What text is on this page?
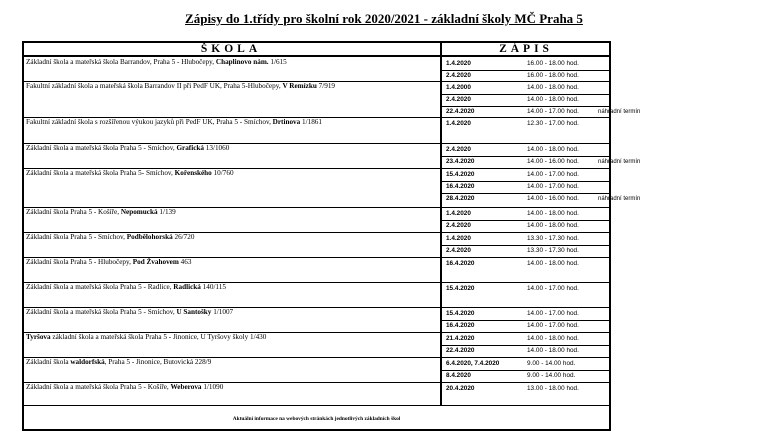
Zápisy do 1.třídy pro školní rok 2020/2021 - základní školy MČ Praha 5
ŠKOLA	ZÁPIS
Základní škola a mateřská škola Barrandov, Praha 5 - Hlubočepy, Chaplinovo nám. 1/615	1.4.2020	16.00 - 18.00 hod.
2.4.2020	16.00 - 18.00 hod.
Fakultní základní škola a mateřská škola Barrandov II při PedF UK, Praha 5-Hlubočepy, V Remízku 7/919	1.4.2000	14.00 - 18.00 hod.
2.4.2020	14.00 - 18.00 hod.
22.4.2020	14.00 - 17.00 hod.	náhradní termín
Fakultní základní škola s rozšířenou výukou jazyků při PedF UK, Praha 5 - Smíchov, Drtinova 1/1861	1.4.2020	12.30 - 17.00 hod.
Základní škola a mateřská škola Praha 5 - Smíchov, Grafická 13/1060	2.4.2020	14.00 - 18.00 hod.
23.4.2020	14.00 - 16.00 hod.	náhradní termín
Základní škola a mateřská škola Praha 5- Smíchov, Kořenského 10/760	15.4.2020	14.00 - 17.00 hod.
16.4.2020	14.00 - 17.00 hod.
28.4.2020	14.00 - 16.00 hod.	náhradní termín
Základní škola Praha 5 - Košíře, Nepomucká 1/139	1.4.2020	14.00 - 18.00 hod.
2.4.2020	14.00 - 18.00 hod.
Základní škola Praha 5 - Smíchov, Podbělohorská 26/720	1.4.2020	13.30 - 17.30 hod.
2.4.2020	13.30 - 17.30 hod.
Základní škola Praha 5 - Hlubočepy, Pod Žvahovem 463	16.4.2020	14.00 - 18.00 hod.
Základní škola a mateřská škola Praha 5 - Radlice, Radlická 140/115	15.4.2020	14.00 - 17.00 hod.
Základní škola a mateřská škola Praha 5 - Smíchov, U Santošky 1/1007	15.4.2020	14.00 - 17.00 hod.
16.4.2020	14.00 - 17.00 hod.
Tyršova základní škola a mateřská škola Praha 5 - Jinonice, U Tyršovy školy 1/430	21.4.2020	14.00 - 18.00 hod.
22.4.2020	14.00 - 18.00 hod.
Základní škola waldorfská, Praha 5 - Jinonice, Butovická 228/9	6.4.2020, 7.4.2020	9.00 - 14.00 hod.
8.4.2020	9.00 - 14.00 hod.
Základní škola a mateřská škola Praha 5 - Košíře, Weberova 1/1090	20.4.2020	13.00 - 18.00 hod.
Aktuální informace na webových stránkách jednotlivých základních škol
